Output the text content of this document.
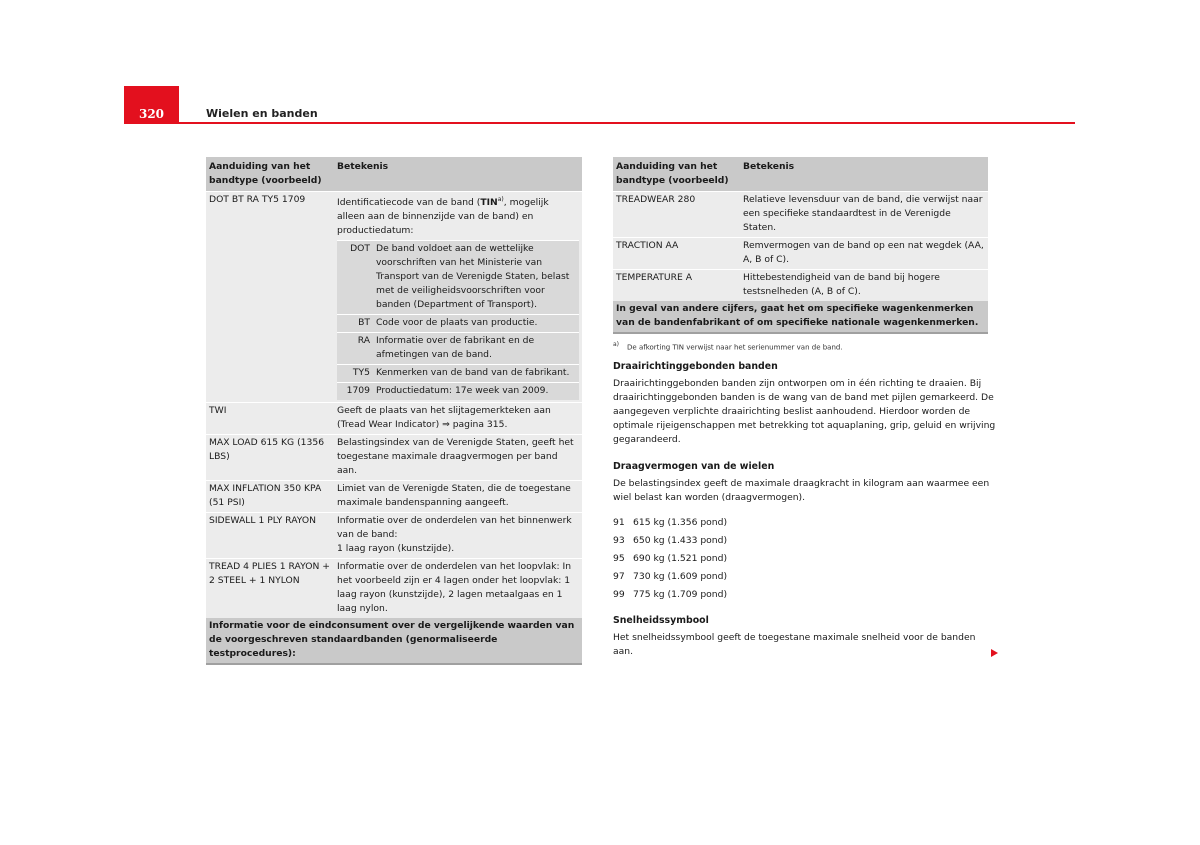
320	Wielen en banden
Aanduiding van het bandtype (voorbeeld)	Betekenis
DOT BT RA TY5 1709	Identificatiecode van de band (TIN$^{a)}$, mogelijk alleen aan de binnenzijde van de band) en productiedatum:
DOT	De band voldoet aan de wettelijke voorschriften van het Ministerie van Transport van de Verenigde Staten, belast met de veiligheidsvoorschriften voor banden (Department of Transport).
BT	Code voor de plaats van productie.
RA	Informatie over de fabrikant en de afmetingen van de band.
TY5	Kenmerken van de band van de fabrikant.
1709	Productiedatum: 17e week van 2009.

TWI	Geeft de plaats van het slijtagemerkteken aan (Tread Wear Indicator) ⇒ pagina 315.
MAX LOAD 615 KG (1356 LBS)	Belastingsindex van de Verenigde Staten, geeft het toegestane maximale draagvermogen per band aan.
MAX INFLATION 350 KPA (51 PSI)	Limiet van de Verenigde Staten, die de toegestane maximale bandenspanning aangeeft.
SIDEWALL 1 PLY RAYON	Informatie over de onderdelen van het binnenwerk van de band:
1 laag rayon (kunstzijde).

TREAD 4 PLIES 1 RAYON + 2 STEEL + 1 NYLON	Informatie over de onderdelen van het loopvlak: In het voorbeeld zijn er 4 lagen onder het loopvlak: 1 laag rayon (kunstzijde), 2 lagen metaalgaas en 1 laag nylon.
Informatie voor de eindconsument over de vergelijkende waarden van de voorgeschreven standaardbanden (genormaliseerde testprocedures):
Aanduiding van het bandtype (voorbeeld)	Betekenis
TREADWEAR 280	Relatieve levensduur van de band, die verwijst naar een specifieke standaardtest in de Verenigde Staten.
TRACTION AA	Remvermogen van de band op een nat wegdek (AA, A, B of C).
TEMPERATURE A	Hittebestendigheid van de band bij hogere testsnelheden (A, B of C).
In geval van andere cijfers, gaat het om specifieke wagenkenmerken van de bandenfabrikant of om specifieke nationale wagenkenmerken.	
$^{a)}$ De afkorting TIN verwijst naar het serienummer van de band.
Draairichtinggebonden banden

Draairichtinggebonden banden zijn ontworpen om in één richting te draaien. Bij draairichtinggebonden banden is de wang van de band met pijlen gemarkeerd. De aangegeven verplichte draairichting beslist aanhoudend. Hierdoor worden de optimale rijeigenschappen met betrekking tot aquaplaning, grip, geluid en wrijving gegarandeerd.

Draagvermogen van de wielen

De belastingsindex geeft de maximale draagkracht in kilogram aan waarmee een wiel belast kan worden (draagvermogen).

91 615 kg (1.356 pond)
93 650 kg (1.433 pond)
95 690 kg (1.521 pond)
97 730 kg (1.609 pond)
99 775 kg (1.709 pond)
Snelheidssymbool

Het snelheidssymbool geeft de toegestane maximale snelheid voor de banden aan.
